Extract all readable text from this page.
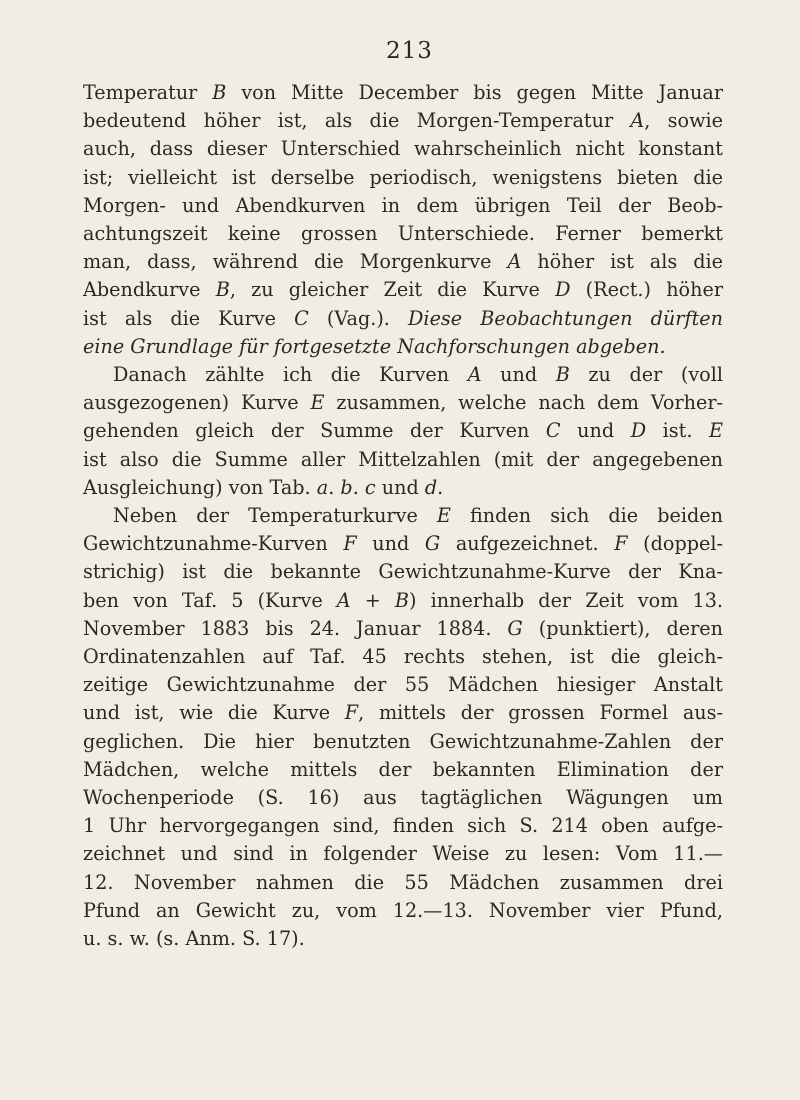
213
Temperatur B von Mitte December bis gegen Mitte Januar
bedeutend höher ist, als die Morgen-Temperatur A, sowie
auch, dass dieser Unterschied wahrscheinlich nicht konstant
ist; vielleicht ist derselbe periodisch, wenigstens bieten die
Morgen- und Abendkurven in dem übrigen Teil der Beob-
achtungszeit keine grossen Unterschiede. Ferner bemerkt
man, dass, während die Morgenkurve A höher ist als die
Abendkurve B, zu gleicher Zeit die Kurve D (Rect.) höher
ist als die Kurve C (Vag.). Diese Beobachtungen dürften
eine Grundlage für fortgesetzte Nachforschungen abgeben.
Danach zählte ich die Kurven A und B zu der (voll
ausgezogenen) Kurve E zusammen, welche nach dem Vorher-
gehenden gleich der Summe der Kurven C und D ist. E
ist also die Summe aller Mittelzahlen (mit der angegebenen
Ausgleichung) von Tab. a. b. c und d.
Neben der Temperaturkurve E finden sich die beiden
Gewichtzunahme-Kurven F und G aufgezeichnet. F (doppel-
strichig) ist die bekannte Gewichtzunahme-Kurve der Kna-
ben von Taf. 5 (Kurve A + B) innerhalb der Zeit vom 13.
November 1883 bis 24. Januar 1884. G (punktiert), deren
Ordinatenzahlen auf Taf. 45 rechts stehen, ist die gleich-
zeitige Gewichtzunahme der 55 Mädchen hiesiger Anstalt
und ist, wie die Kurve F, mittels der grossen Formel aus-
geglichen. Die hier benutzten Gewichtzunahme-Zahlen der
Mädchen, welche mittels der bekannten Elimination der
Wochenperiode (S. 16) aus tagtäglichen Wägungen um
1 Uhr hervorgegangen sind, finden sich S. 214 oben aufge-
zeichnet und sind in folgender Weise zu lesen: Vom 11.—
12. November nahmen die 55 Mädchen zusammen drei
Pfund an Gewicht zu, vom 12.—13. November vier Pfund,
u. s. w. (s. Anm. S. 17).
